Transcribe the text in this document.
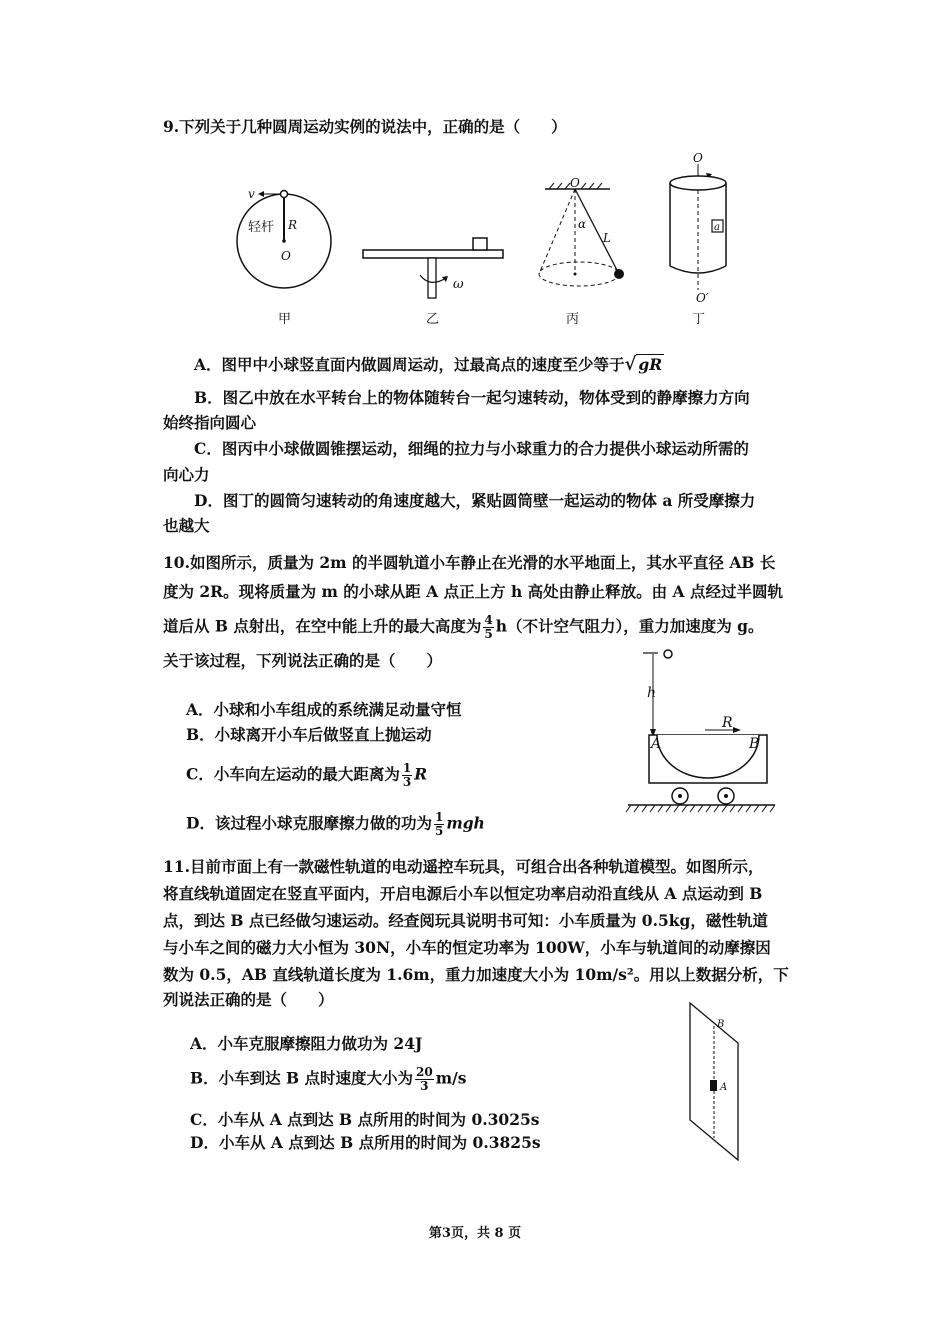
9.下列关于几种圆周运动实例的说法中，正确的是（　　）
v
轻杆 R
O
甲
ω
乙
O
α
L
丙
O
a
O′
丁
A．图甲中小球竖直面内做圆周运动，过最高点的速度至少等于√ gR
B．图乙中放在水平转台上的物体随转台一起匀速转动，物体受到的静摩擦力方向
始终指向圆心
C．图丙中小球做圆锥摆运动，细绳的拉力与小球重力的合力提供小球运动所需的
向心力
D．图丁的圆筒匀速转动的角速度越大，紧贴圆筒壁一起运动的物体 a 所受摩擦力
也越大
10.如图所示，质量为 2m 的半圆轨道小车静止在光滑的水平地面上，其水平直径 AB 长
度为 2R。现将质量为 m 的小球从距 A 点正上方 h 高处由静止释放。由 A 点经过半圆轨
道后从 B 点射出，在空中能上升的最大高度为 $\frac{4}{5} h$（不计空气阻力），重力加速度为 g。
关于该过程，下列说法正确的是（　　）
A．小球和小车组成的系统满足动量守恒
B．小球离开小车后做竖直上抛运动
C．小车向左运动的最大距离为 $\frac{1}{3}$ R
D．该过程小球克服摩擦力做的功为 $\frac{1}{5}$ mgh
h
R
A	B
11.目前市面上有一款磁性轨道的电动遥控车玩具，可组合出各种轨道模型。如图所示，
将直线轨道固定在竖直平面内，开启电源后小车以恒定功率启动沿直线从 A 点运动到 B
点，到达 B 点已经做匀速运动。经查阅玩具说明书可知：小车质量为 0.5kg，磁性轨道
与小车之间的磁力大小恒为 30N，小车的恒定功率为 100W，小车与轨道间的动摩擦因
数为 0.5，AB 直线轨道长度为 1.6m，重力加速度大小为 10m/s²。用以上数据分析，下
列说法正确的是（　　）
A．小车克服摩擦阻力做功为 24J
B．小车到达 B 点时速度大小为 $\frac{20}{3} m/s$
C．小车从 A 点到达 B 点所用的时间为 0.3025s
D．小车从 A 点到达 B 点所用的时间为 0.3825s
B
A
第3页，共 8 页
